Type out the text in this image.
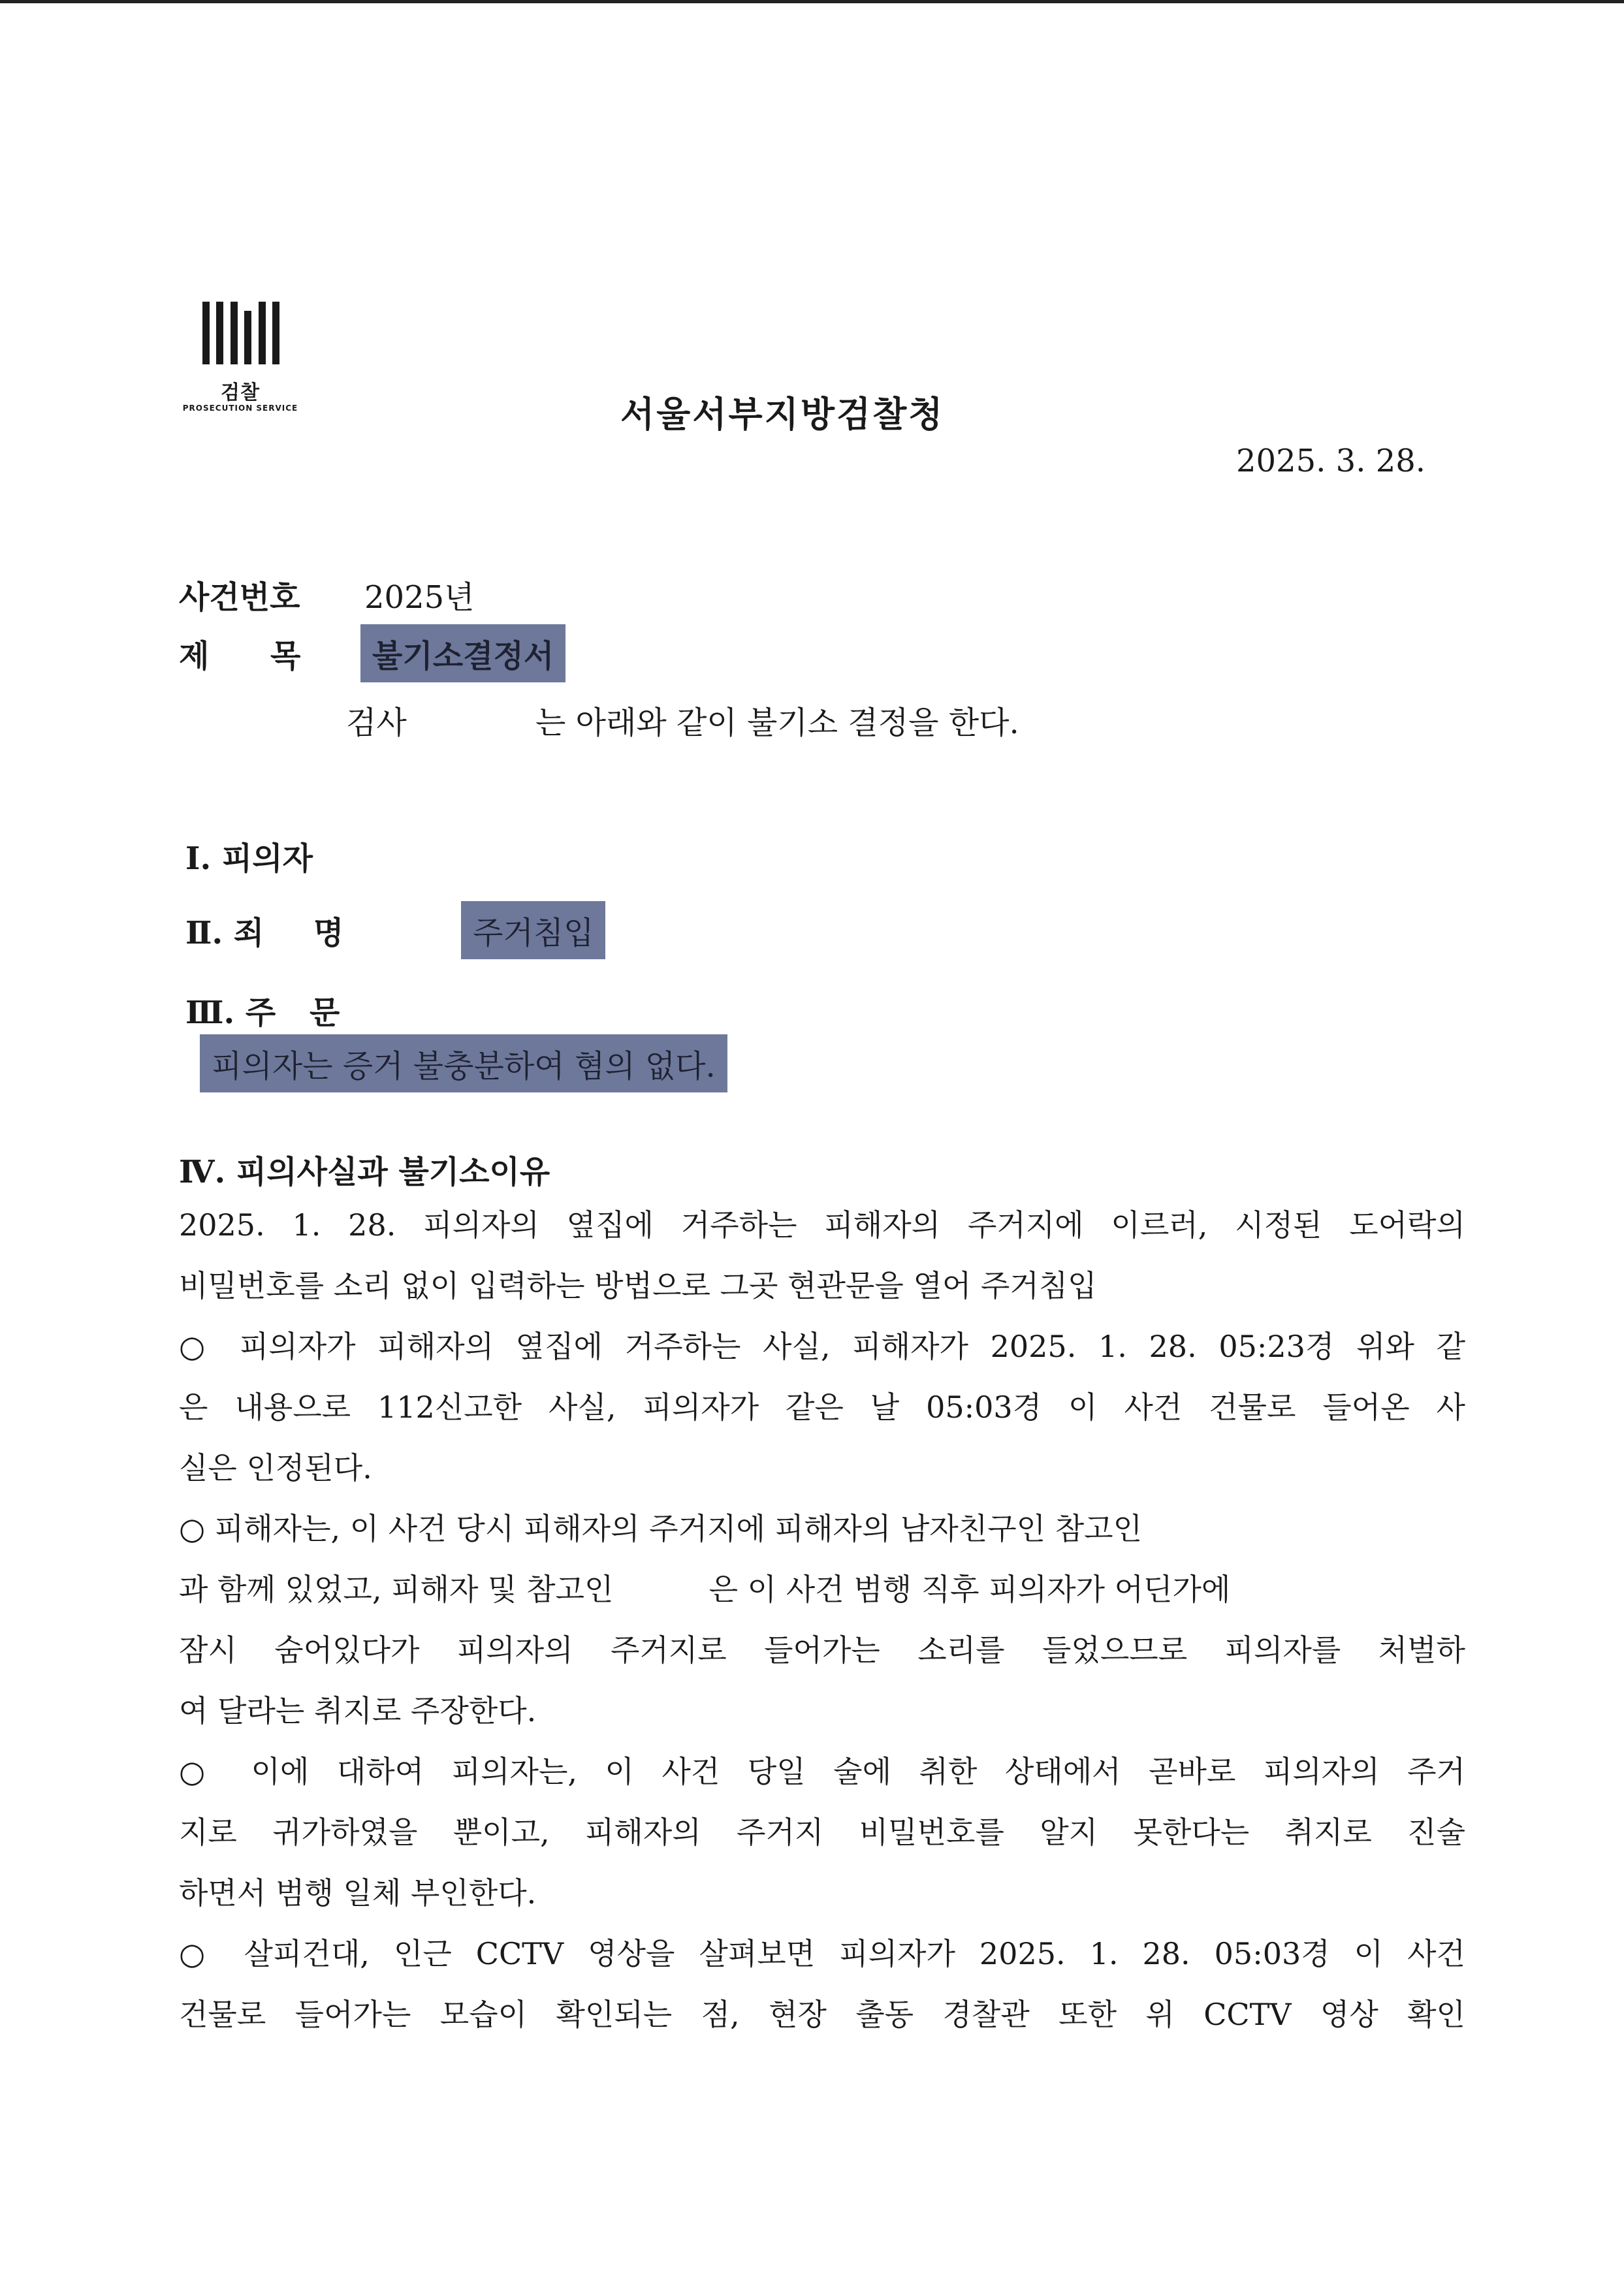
검찰
PROSECUTION SERVICE	서울서부지방검찰청
2025. 3. 28.
사건번호 2025년
제 목	불기소결정서
검사	는 아래와 같이 불기소 결정을 한다.
Ⅰ. 피의자
Ⅱ. 죄 명	주거침입
Ⅲ. 주 문
피의자는 증거 불충분하여 혐의 없다.
Ⅳ. 피의사실과 불기소이유

2025. 1. 28. 피의자의 옆집에 거주하는 피해자의 주거지에 이르러, 시정된 도어락의

비밀번호를 소리 없이 입력하는 방법으로 그곳 현관문을 열어 주거침입

○ 피의자가 피해자의 옆집에 거주하는 사실, 피해자가 2025. 1. 28. 05:23경 위와 같

은 내용으로 112신고한 사실, 피의자가 같은 날 05:03경 이 사건 건물로 들어온 사

실은 인정된다.

○ 피해자는, 이 사건 당시 피해자의 주거지에 피해자의 남자친구인 참고인

과 함께 있었고, 피해자 및 참고인          은 이 사건 범행 직후 피의자가 어딘가에

잠시 숨어있다가 피의자의 주거지로 들어가는 소리를 들었으므로 피의자를 처벌하

여 달라는 취지로 주장한다.

○ 이에 대하여 피의자는, 이 사건 당일 술에 취한 상태에서 곧바로 피의자의 주거

지로 귀가하였을 뿐이고, 피해자의 주거지 비밀번호를 알지 못한다는 취지로 진술

하면서 범행 일체 부인한다.

○ 살피건대, 인근 CCTV 영상을 살펴보면 피의자가 2025. 1. 28. 05:03경 이 사건

건물로 들어가는 모습이 확인되는 점, 현장 출동 경찰관 또한 위 CCTV 영상 확인
